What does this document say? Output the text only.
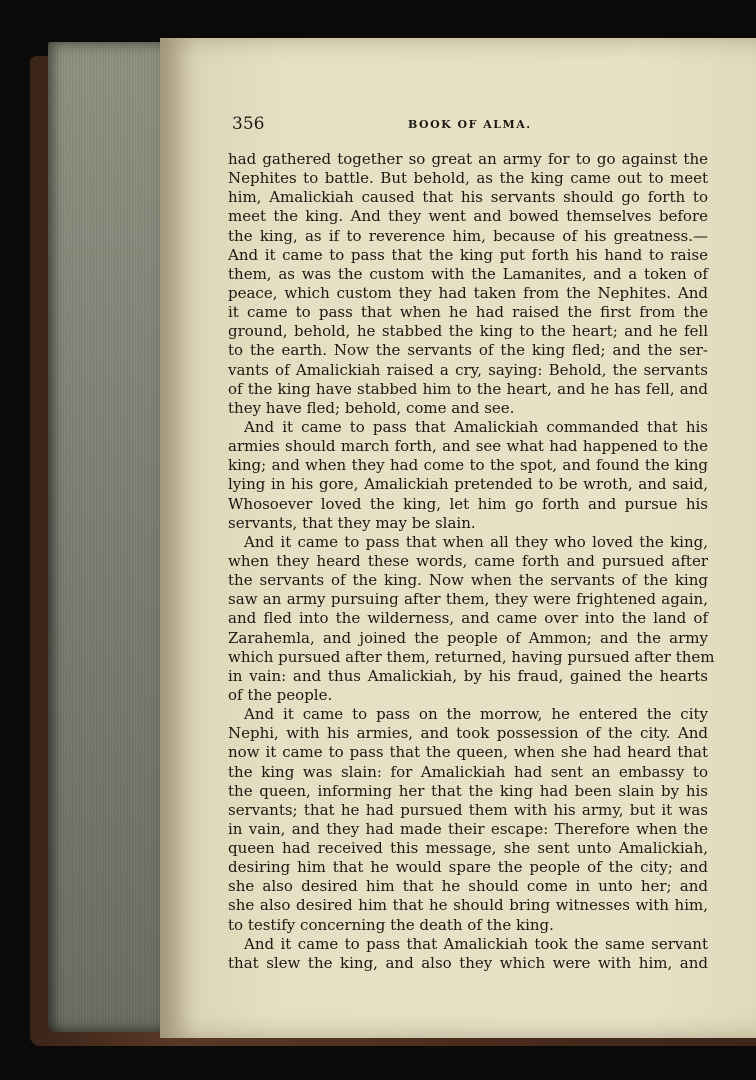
356	BOOK OF ALMA.
had gathered together so great an army for to go against the
Nephites to battle. But behold, as the king came out to meet
him, Amalickiah caused that his servants should go forth to
meet the king. And they went and bowed themselves before
the king, as if to reverence him, because of his greatness.—
And it came to pass that the king put forth his hand to raise
them, as was the custom with the Lamanites, and a token of
peace, which custom they had taken from the Nephites. And
it came to pass that when he had raised the first from the
ground, behold, he stabbed the king to the heart; and he fell
to the earth. Now the servants of the king fled; and the ser-
vants of Amalickiah raised a cry, saying: Behold, the servants
of the king have stabbed him to the heart, and he has fell, and
they have fled; behold, come and see.
And it came to pass that Amalickiah commanded that his
armies should march forth, and see what had happened to the
king; and when they had come to the spot, and found the king
lying in his gore, Amalickiah pretended to be wroth, and said,
Whosoever loved the king, let him go forth and pursue his
servants, that they may be slain.
And it came to pass that when all they who loved the king,
when they heard these words, came forth and pursued after
the servants of the king. Now when the servants of the king
saw an army pursuing after them, they were frightened again,
and fled into the wilderness, and came over into the land of
Zarahemla, and joined the people of Ammon; and the army
which pursued after them, returned, having pursued after them
in vain: and thus Amalickiah, by his fraud, gained the hearts
of the people.
And it came to pass on the morrow, he entered the city
Nephi, with his armies, and took possession of the city. And
now it came to pass that the queen, when she had heard that
the king was slain: for Amalickiah had sent an embassy to
the queen, informing her that the king had been slain by his
servants; that he had pursued them with his army, but it was
in vain, and they had made their escape: Therefore when the
queen had received this message, she sent unto Amalickiah,
desiring him that he would spare the people of the city; and
she also desired him that he should come in unto her; and
she also desired him that he should bring witnesses with him,
to testify concerning the death of the king.
And it came to pass that Amalickiah took the same servant
that slew the king, and also they which were with him, and
